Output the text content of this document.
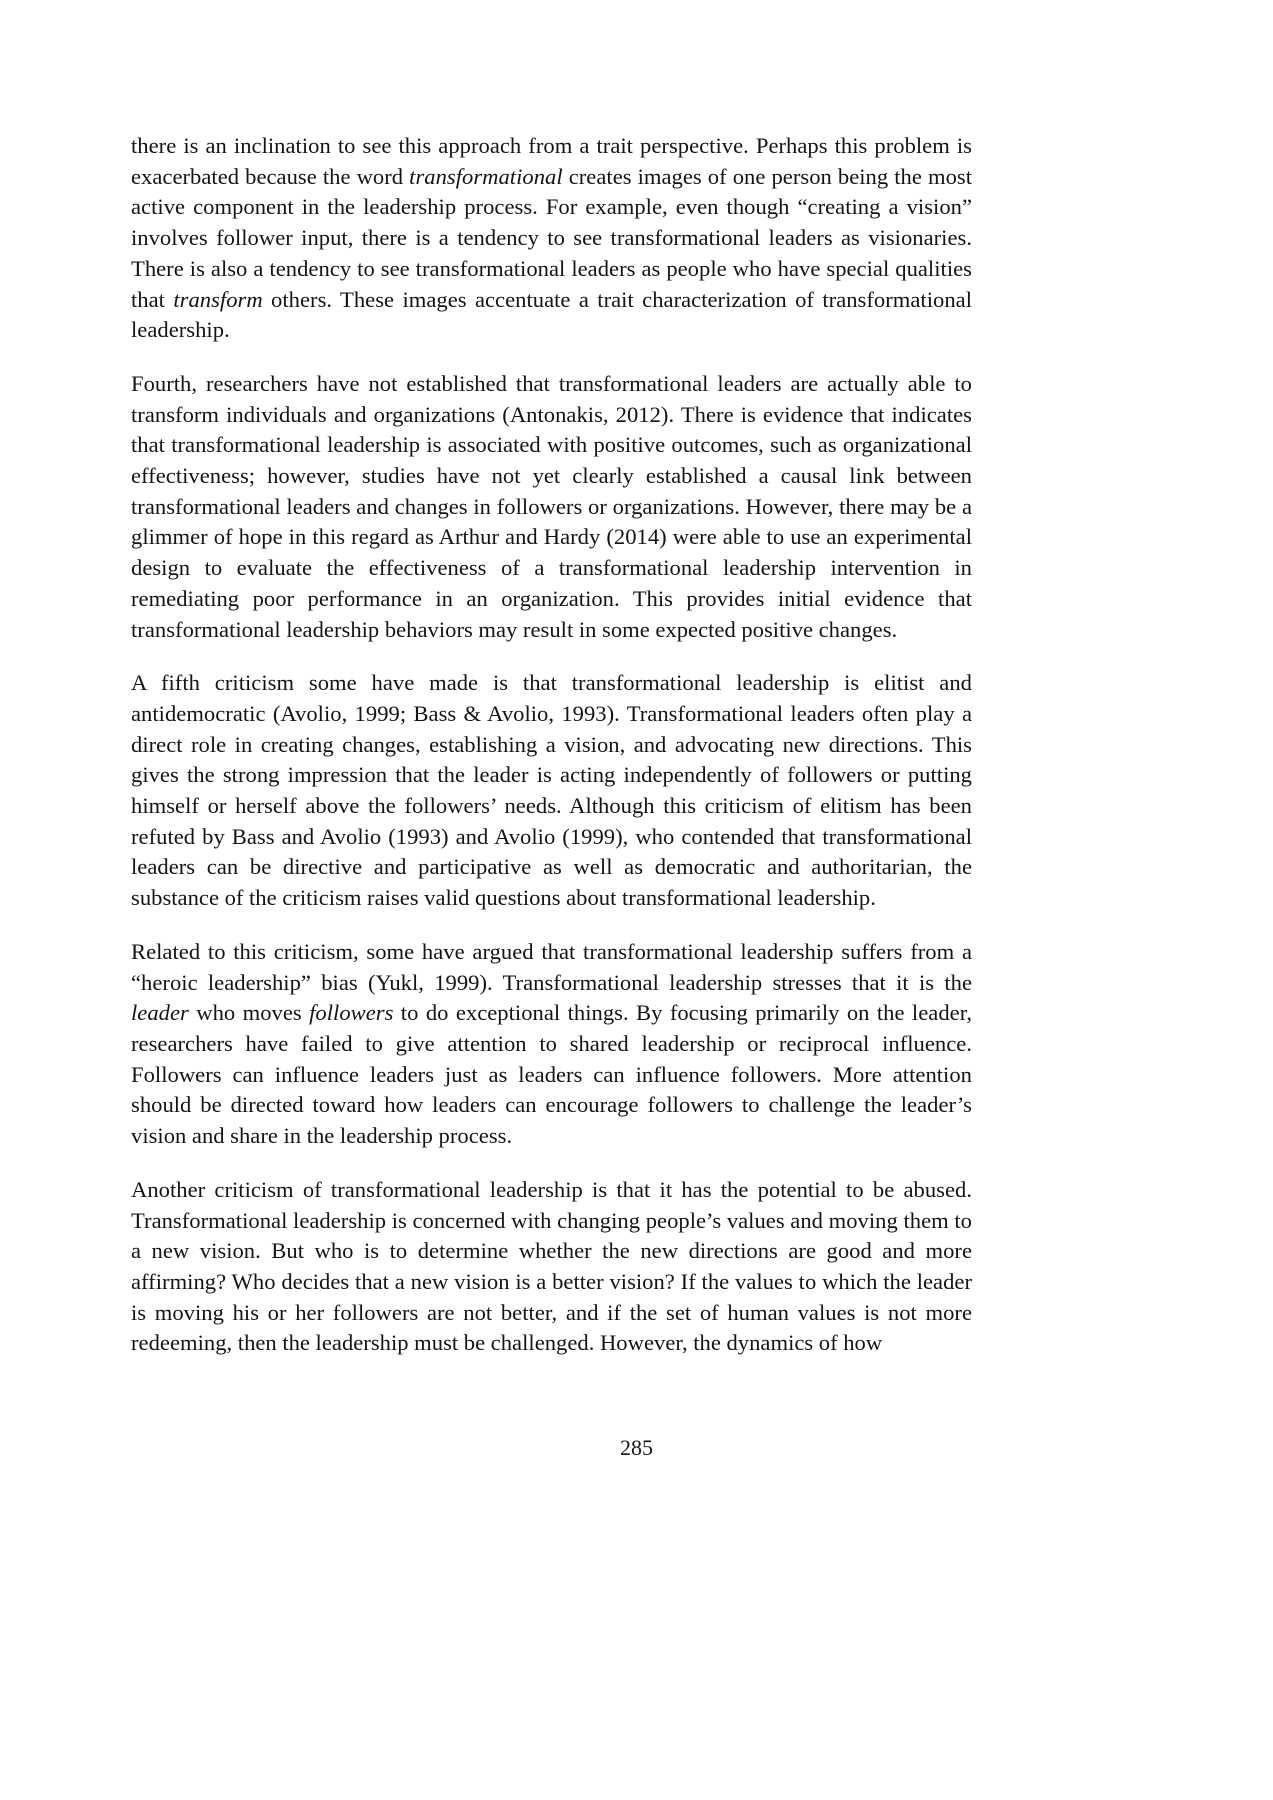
there is an inclination to see this approach from a trait perspective. Perhaps this problem is exacerbated because the word transformational creates images of one person being the most active component in the leadership process. For example, even though “creating a vision” involves follower input, there is a tendency to see transformational leaders as visionaries. There is also a tendency to see transformational leaders as people who have special qualities that transform others. These images accentuate a trait characterization of transformational leadership.

Fourth, researchers have not established that transformational leaders are actually able to transform individuals and organizations (Antonakis, 2012). There is evidence that indicates that transformational leadership is associated with positive outcomes, such as organizational effectiveness; however, studies have not yet clearly established a causal link between transformational leaders and changes in followers or organizations. However, there may be a glimmer of hope in this regard as Arthur and Hardy (2014) were able to use an experimental design to evaluate the effectiveness of a transformational leadership intervention in remediating poor performance in an organization. This provides initial evidence that transformational leadership behaviors may result in some expected positive changes.

A fifth criticism some have made is that transformational leadership is elitist and antidemocratic (Avolio, 1999; Bass & Avolio, 1993). Transformational leaders often play a direct role in creating changes, establishing a vision, and advocating new directions. This gives the strong impression that the leader is acting independently of followers or putting himself or herself above the followers’ needs. Although this criticism of elitism has been refuted by Bass and Avolio (1993) and Avolio (1999), who contended that transformational leaders can be directive and participative as well as democratic and authoritarian, the substance of the criticism raises valid questions about transformational leadership.

Related to this criticism, some have argued that transformational leadership suffers from a “heroic leadership” bias (Yukl, 1999). Transformational leadership stresses that it is the leader who moves followers to do exceptional things. By focusing primarily on the leader, researchers have failed to give attention to shared leadership or reciprocal influence. Followers can influence leaders just as leaders can influence followers. More attention should be directed toward how leaders can encourage followers to challenge the leader’s vision and share in the leadership process.

Another criticism of transformational leadership is that it has the potential to be abused. Transformational leadership is concerned with changing people’s values and moving them to a new vision. But who is to determine whether the new directions are good and more affirming? Who decides that a new vision is a better vision? If the values to which the leader is moving his or her followers are not better, and if the set of human values is not more redeeming, then the leadership must be challenged. However, the dynamics of how

285
